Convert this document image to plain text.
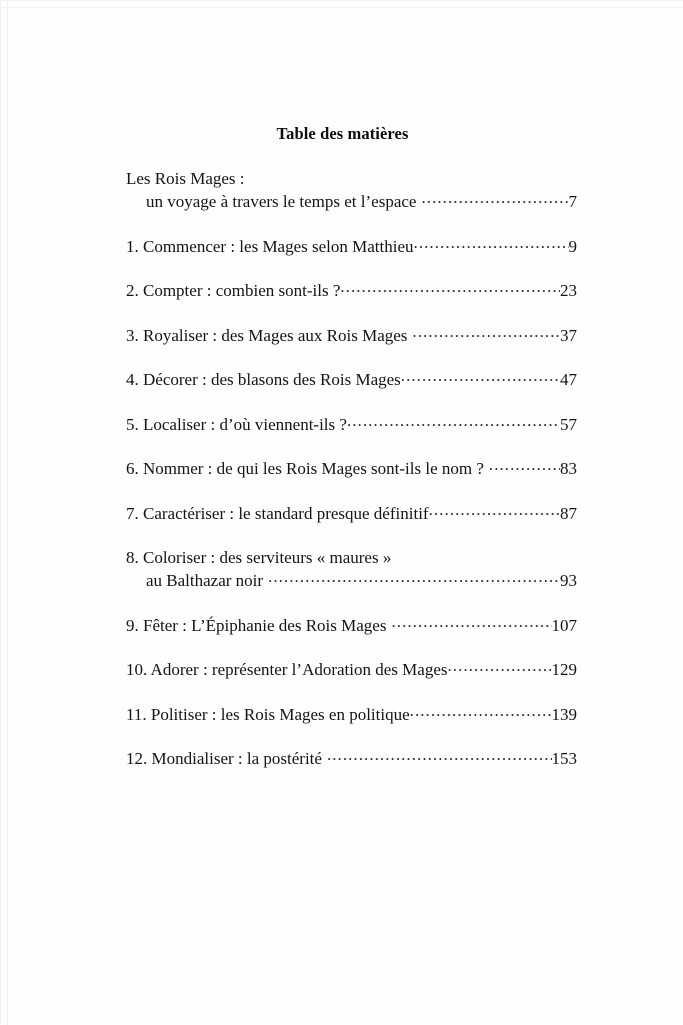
Table des matières
Les Rois Mages :
un voyage à travers le temps et l’espace .....	7
1. Commencer : les Mages selon Matthieu .....	9
2. Compter : combien sont-ils ? .....	23
3. Royaliser : des Mages aux Rois Mages .....	37
4. Décorer : des blasons des Rois Mages .....	47
5. Localiser : d’où viennent-ils ? .....	57
6. Nommer : de qui les Rois Mages sont-ils le nom ? .....	83
7. Caractériser : le standard presque définitif .....	87
8. Coloriser : des serviteurs « maures »
au Balthazar noir .....	93
9. Fêter : L’Épiphanie des Rois Mages .....	107
10. Adorer : représenter l’Adoration des Mages .....	129
11. Politiser : les Rois Mages en politique .....	139
12. Mondialiser : la postérité .....	153
